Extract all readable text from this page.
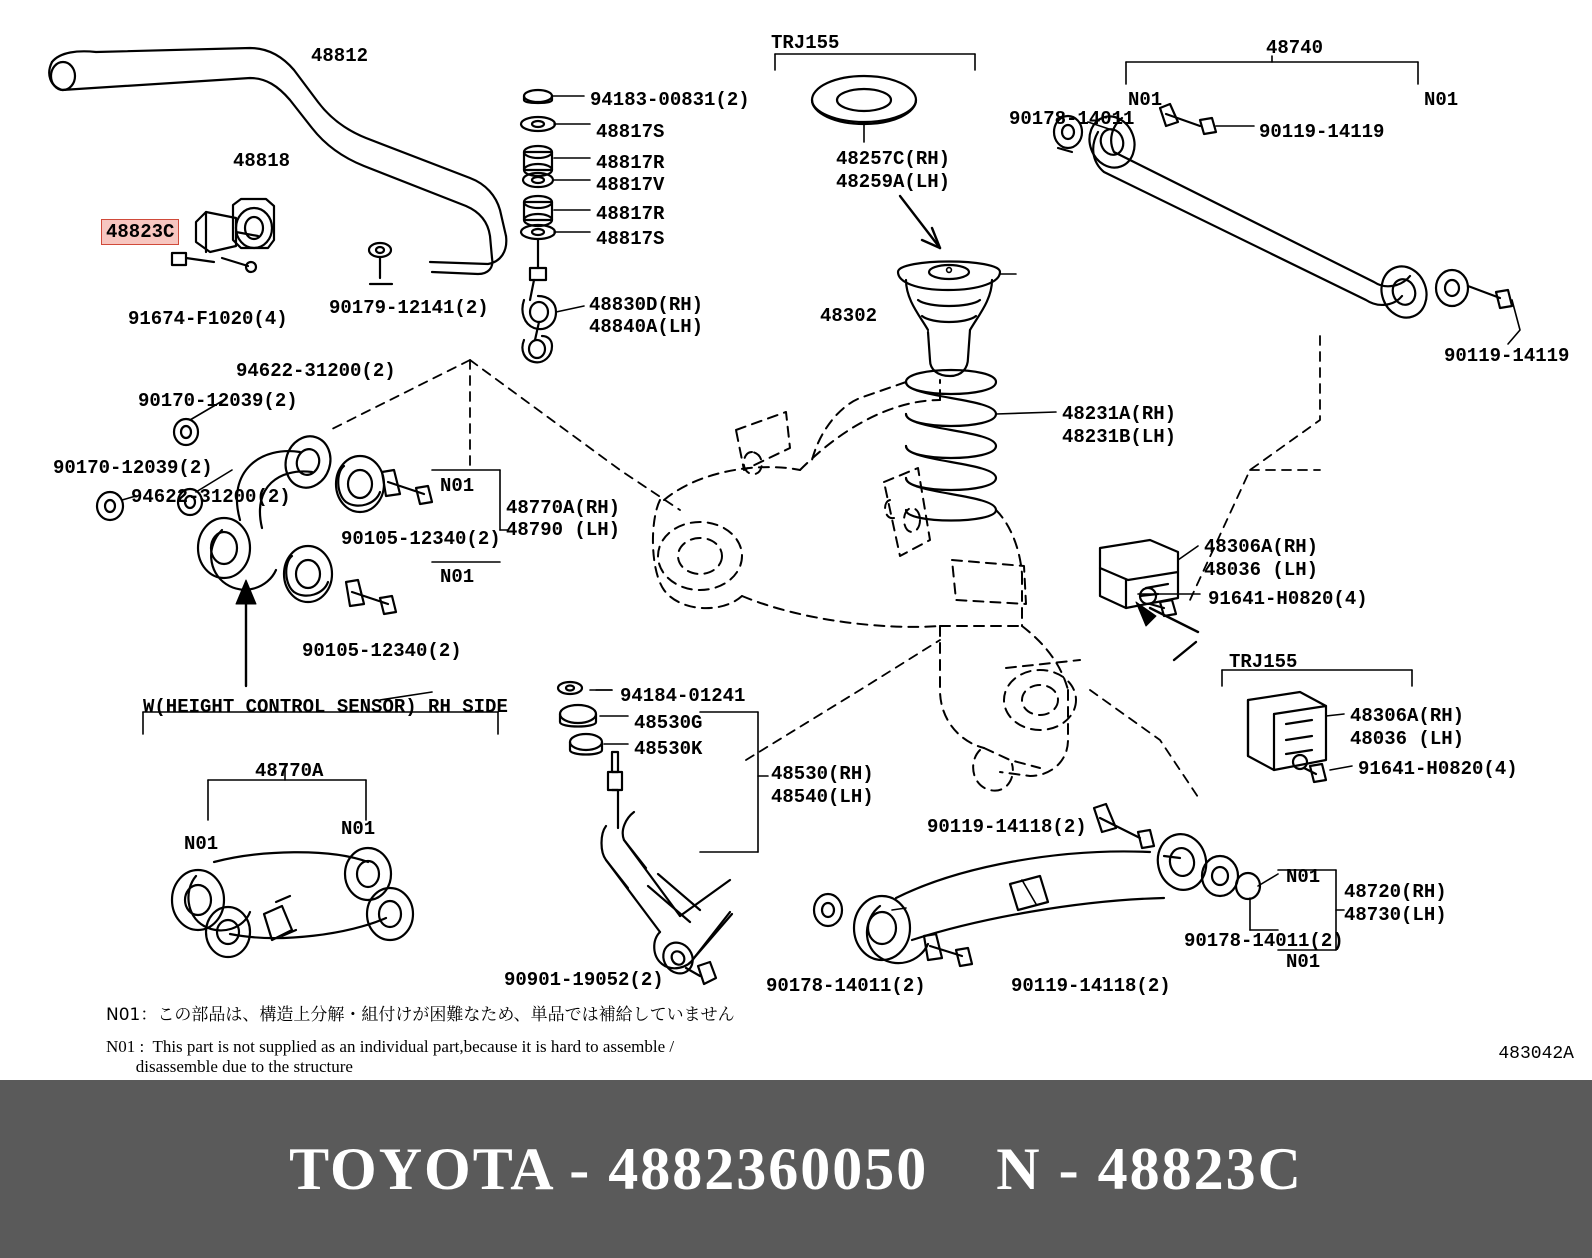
48812
48818
48823C
91674-F1020(4) 90179-12141(2)
94183-00831(2)
48817S
48817R
48817V
48817R
48817S
48830D(RH)
48840A(LH)
TRJ155
48257C(RH)
48259A(LH)
48302
48231A(RH)
48231B(LH)
48740
N01	N01
90178-14011
90119-14119
90119-14119
94622-31200(2)
90170-12039(2)
90170-12039(2)
94622-31200(2)	N01
N01
90105-12340(2)
90105-12340(2)
48770A(RH)
48790 (LH)
W(HEIGHT CONTROL SENSOR) RH SIDE
48770A
N01
N01
94184-01241
48530G
48530K
48530(RH)
48540(LH)
90901-19052(2)	90178-14011(2)	90119-14118(2)
90119-14118(2)
N01
N01
48720(RH)
48730(LH)
90178-14011(2)
48306A(RH)
48036 (LH)
91641-H0820(4)
TRJ155
48306A(RH)
48036 (LH)
91641-H0820(4)
N01：この部品は、構造上分解・組付けが困難なため、単品では補給していません
N01 :  This part is not supplied as an individual part,because it is hard to assemble /
disassemble due to the structure
483042A
TOYOTA - 4882360050    N - 48823C
